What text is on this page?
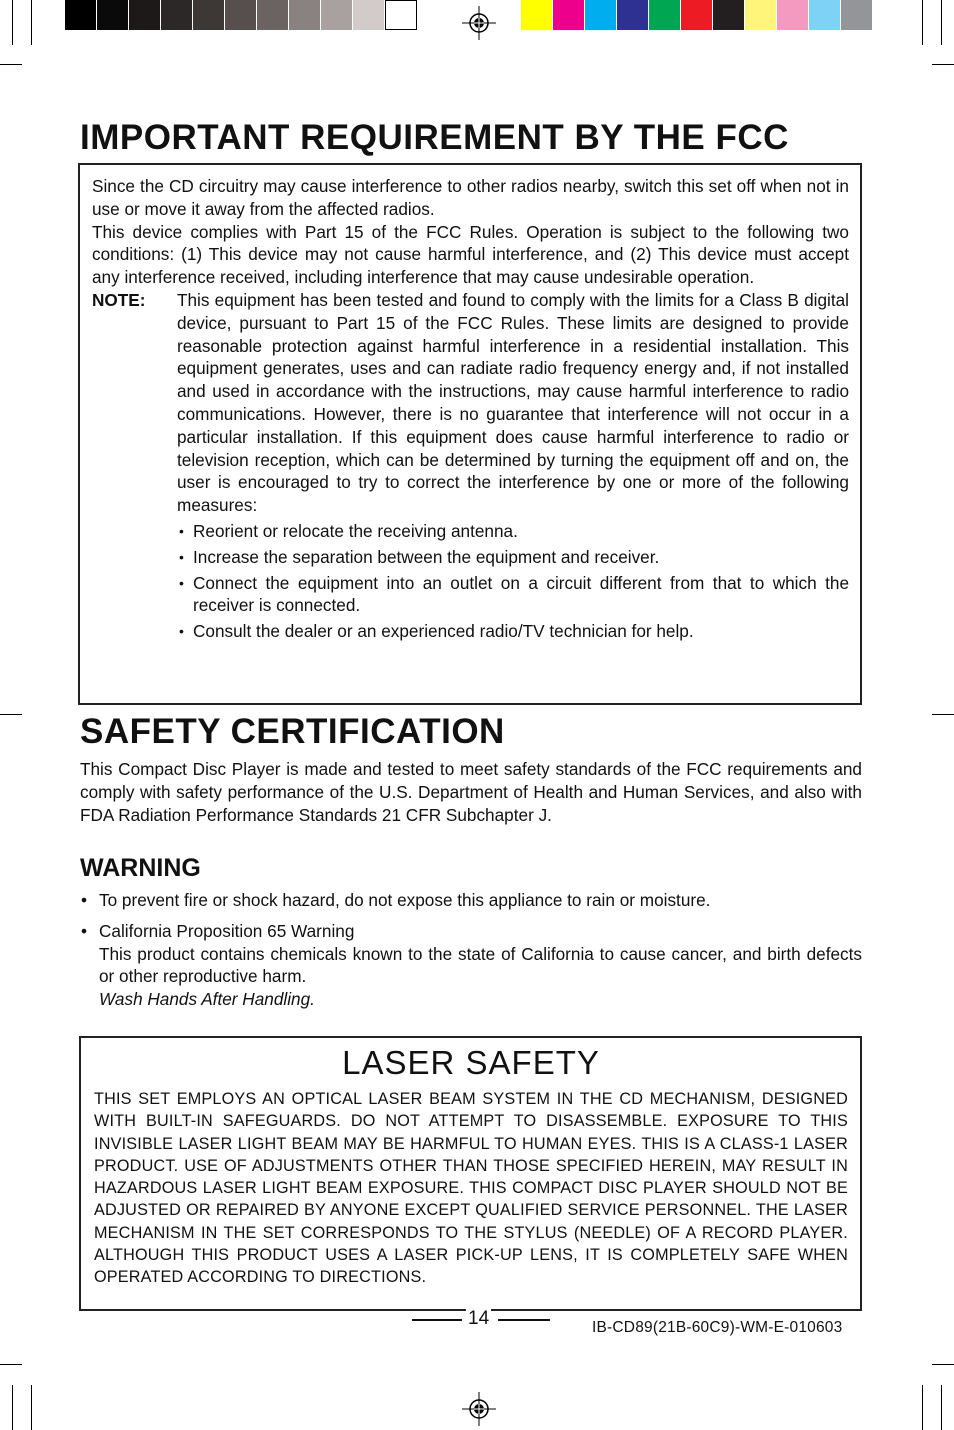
IMPORTANT REQUIREMENT BY THE FCC
Since the CD circuitry may cause interference to other radios nearby, switch this set off when not in use or move it away from the affected radios.
This device complies with Part 15 of the FCC Rules. Operation is subject to the following two conditions: (1) This device may not cause harmful interference, and (2) This device must accept any interference received, including interference that may cause undesirable operation.
NOTE:	This equipment has been tested and found to comply with the limits for a Class B digital device, pursuant to Part 15 of the FCC Rules. These limits are designed to provide reasonable protection against harmful interference in a residential installation. This equipment generates, uses and can radiate radio frequency energy and, if not installed and used in accordance with the instructions, may cause harmful interference to radio communications. However, there is no guarantee that interference will not occur in a particular installation. If this equipment does cause harmful interference to radio or television reception, which can be determined by turning the equipment off and on, the user is encouraged to try to correct the interference by one or more of the following measures:
• Reorient or relocate the receiving antenna.
• Increase the separation between the equipment and receiver.
• Connect the equipment into an outlet on a circuit different from that to which the receiver is connected.
• Consult the dealer or an experienced radio/TV technician for help.
SAFETY CERTIFICATION
This Compact Disc Player is made and tested to meet safety standards of the FCC requirements and comply with safety performance of the U.S. Department of Health and Human Services, and also with FDA Radiation Performance Standards 21 CFR Subchapter J.
WARNING
• To prevent fire or shock hazard, do not expose this appliance to rain or moisture.
• California Proposition 65 Warning
This product contains chemicals known to the state of California to cause cancer, and birth defects or other reproductive harm.
Wash Hands After Handling.
LASER SAFETY
THIS SET EMPLOYS AN OPTICAL LASER BEAM SYSTEM IN THE CD MECHANISM, DESIGNED WITH BUILT-IN SAFEGUARDS. DO NOT ATTEMPT TO DISASSEMBLE. EXPOSURE TO THIS INVISIBLE LASER LIGHT BEAM MAY BE HARMFUL TO HUMAN EYES. THIS IS A CLASS-1 LASER PRODUCT. USE OF ADJUSTMENTS OTHER THAN THOSE SPECIFIED HEREIN, MAY RESULT IN HAZARDOUS LASER LIGHT BEAM EXPOSURE. THIS COMPACT DISC PLAYER SHOULD NOT BE ADJUSTED OR REPAIRED BY ANYONE EXCEPT QUALIFIED SERVICE PERSONNEL. THE LASER MECHANISM IN THE SET CORRESPONDS TO THE STYLUS (NEEDLE) OF A RECORD PLAYER. ALTHOUGH THIS PRODUCT USES A LASER PICK-UP LENS, IT IS COMPLETELY SAFE WHEN OPERATED ACCORDING TO DIRECTIONS.
14	IB-CD89(21B-60C9)-WM-E-010603
